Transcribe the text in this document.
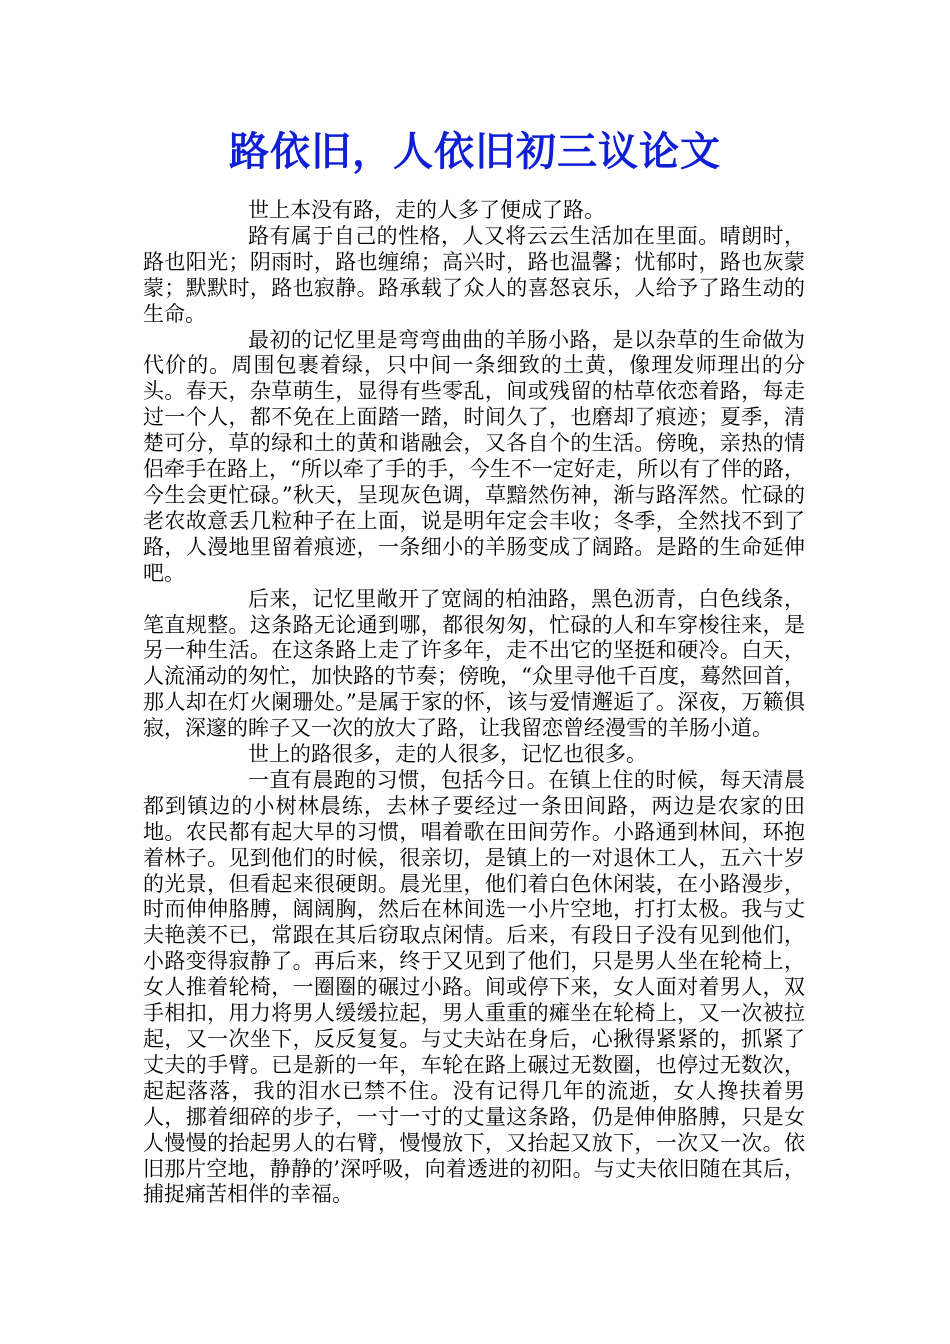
路依旧，人依旧初三议论文

世上本没有路，走的人多了便成了路。

路有属于自己的性格，人又将云云生活加在里面。晴朗时，路也阳光；阴雨时，路也缠绵；高兴时，路也温馨；忧郁时，路也灰蒙蒙；默默时，路也寂静。路承载了众人的喜怒哀乐，人给予了路生动的生命。

最初的记忆里是弯弯曲曲的羊肠小路，是以杂草的生命做为代价的。周围包裹着绿，只中间一条细致的土黄，像理发师理出的分头。春天，杂草萌生，显得有些零乱，间或残留的枯草依恋着路，每走过一个人，都不免在上面踏一踏，时间久了，也磨却了痕迹；夏季，清楚可分，草的绿和土的黄和谐融会，又各自个的生活。傍晚，亲热的情侣牵手在路上，“所以牵了手的手，今生不一定好走，所以有了伴的路，今生会更忙碌。”秋天，呈现灰色调，草黯然伤神，渐与路浑然。忙碌的老农故意丢几粒种子在上面，说是明年定会丰收；冬季，全然找不到了路，人漫地里留着痕迹，一条细小的羊肠变成了阔路。是路的生命延伸吧。

后来，记忆里敞开了宽阔的柏油路，黑色沥青，白色线条，笔直规整。这条路无论通到哪，都很匆匆，忙碌的人和车穿梭往来，是另一种生活。在这条路上走了许多年，走不出它的坚挺和硬冷。白天，人流涌动的匆忙，加快路的节奏；傍晚，“众里寻他千百度，蓦然回首，那人却在灯火阑珊处。”是属于家的怀，该与爱情邂逅了。深夜，万籁俱寂，深邃的眸子又一次的放大了路，让我留恋曾经漫雪的羊肠小道。

世上的路很多，走的人很多，记忆也很多。

一直有晨跑的习惯，包括今日。在镇上住的时候，每天清晨都到镇边的小树林晨练，去林子要经过一条田间路，两边是农家的田地。农民都有起大早的习惯，唱着歌在田间劳作。小路通到林间，环抱着林子。见到他们的时候，很亲切，是镇上的一对退休工人，五六十岁的光景，但看起来很硬朗。晨光里，他们着白色休闲装，在小路漫步，时而伸伸胳膊，阔阔胸，然后在林间选一小片空地，打打太极。我与丈夫艳羡不已，常跟在其后窃取点闲情。后来，有段日子没有见到他们，小路变得寂静了。再后来，终于又见到了他们，只是男人坐在轮椅上，女人推着轮椅，一圈圈的碾过小路。间或停下来，女人面对着男人，双手相扣，用力将男人缓缓拉起，男人重重的瘫坐在轮椅上，又一次被拉起，又一次坐下，反反复复。与丈夫站在身后，心揪得紧紧的，抓紧了丈夫的手臂。已是新的一年，车轮在路上碾过无数圈，也停过无数次，起起落落，我的泪水已禁不住。没有记得几年的流逝，女人搀扶着男人，挪着细碎的步子，一寸一寸的丈量这条路，仍是伸伸胳膊，只是女人慢慢的抬起男人的右臂，慢慢放下，又抬起又放下，一次又一次。依旧那片空地，静静的’深呼吸，向着透进的初阳。与丈夫依旧随在其后，捕捉痛苦相伴的幸福。
